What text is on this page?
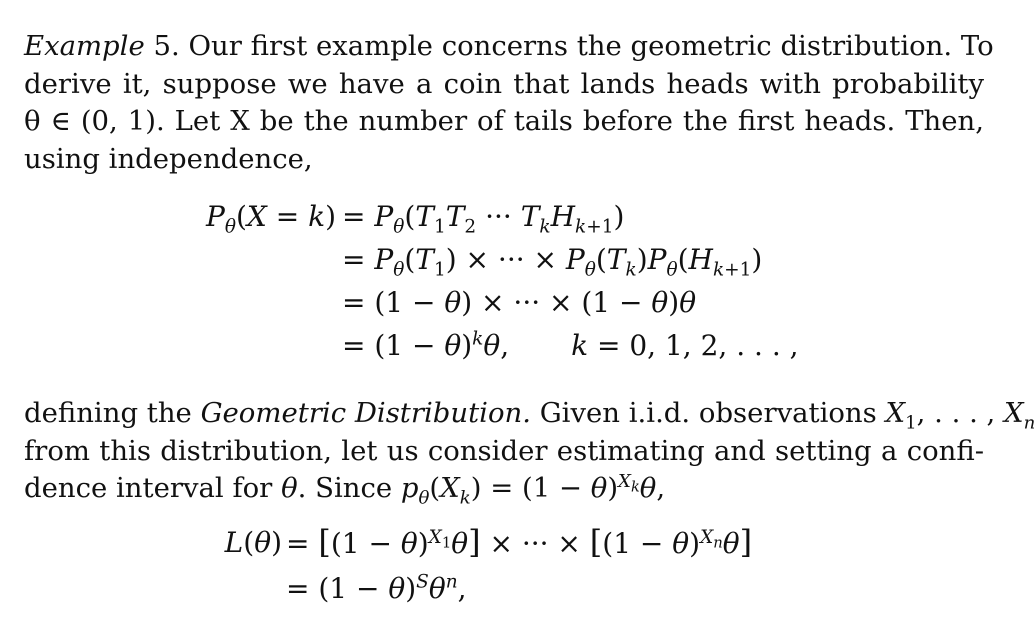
Example 5. Our first example concerns the geometric distribution. To
derive it, suppose we have a coin that lands heads with probability
θ ∈ (0, 1). Let X be the number of tails before the first heads. Then,
using independence,

$P_\theta(X = k) = P_\theta(T_1T_2$ ··· $T_kH_{k+1}$)
= $P_\theta(T_1)$ × ··· × $P_\theta(T_k)P_\theta(H_{k+1})$
= (1 − θ) × ··· × (1 − θ)θ
= $(1 - \theta)^k\theta$, k = 0, 1, 2, . . . ,

defining the Geometric Distribution. Given i.i.d. observations $X_1$, . . . , $X_n$
from this distribution, let us consider estimating and setting a confi-
dence interval for θ. Since $p_\theta(X_k) = (1 - \theta)^{X_k}\theta$,

$L(\theta) = [(1 - \theta)^{X_1}\theta]$ × ··· × $[(1 - \theta)^{X_n}\theta]$
= $(1 - \theta)^S\theta^n$,
